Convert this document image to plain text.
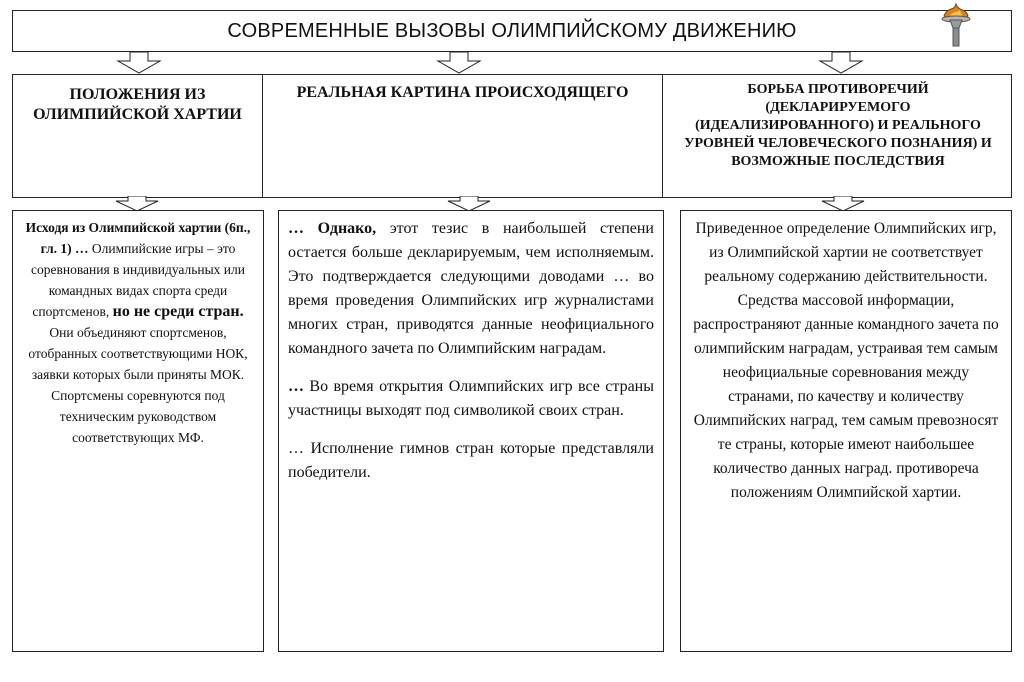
СОВРЕМЕННЫЕ ВЫЗОВЫ ОЛИМПИЙСКОМУ ДВИЖЕНИЮ
ПОЛОЖЕНИЯ ИЗ ОЛИМПИЙСКОЙ ХАРТИИ
РЕАЛЬНАЯ КАРТИНА ПРОИСХОДЯЩЕГО	БОРЬБА ПРОТИВОРЕЧИЙ (ДЕКЛАРИРУЕМОГО (ИДЕАЛИЗИРОВАННОГО) И РЕАЛЬНОГО УРОВНЕЙ ЧЕЛОВЕЧЕСКОГО ПОЗНАНИЯ) И ВОЗМОЖНЫЕ ПОСЛЕДСТВИЯ
Исходя из Олимпийской хартии (6п., гл. 1) … Олимпийские игры – это соревнования в индивидуальных или командных видах спорта среди спортсменов, но не среди стран. Они объединяют спортсменов, отобранных соответствующими НОК, заявки которых были приняты МОК. Спортсмены соревнуются под техническим руководством соответствующих МФ.

… Однако, этот тезис в наибольшей степени остается больше декларируемым, чем исполняемым. Это подтверждается следующими доводами … во время проведения Олимпийских игр журналистами многих стран, приводятся данные неофициального командного зачета по Олимпийским наградам.

… Во время открытия Олимпийских игр все страны участницы выходят под символикой своих стран.

… Исполнение гимнов стран которые представляли победители.

Приведенное определение Олимпийских игр, из Олимпийской хартии не соответствует реальному содержанию действительности. Средства массовой информации, распространяют данные командного зачета по олимпийским наградам, устраивая тем самым неофициальные соревнования между странами, по качеству и количеству Олимпийских наград, тем самым превозносят те страны, которые имеют наибольшее количество данных наград. противореча положениям Олимпийской хартии.
